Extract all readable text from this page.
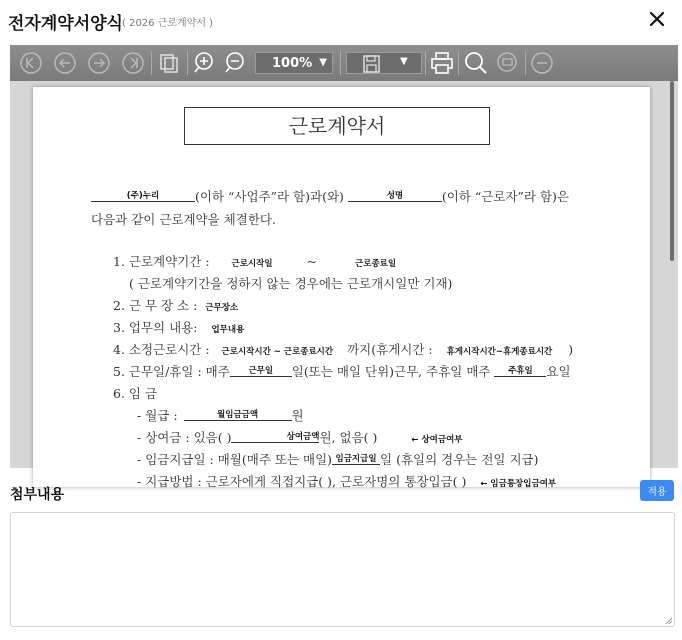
전자계약서양식 ( 2026 근로계약서 )
100% ▼	▼
근로계약서
(주)누리	(이하 “사업주”라 함)과(와)	성명	(이하 “근로자”라 함)은
다음과 같이 근로계약을 체결한다.
1. 근로계약기간 :	근로시작일	~	근로종료일
( 근로계약기간을 정하지 않는 경우에는 근로개시일만 기재)
2. 근 무 장 소 : 근무장소
3. 업무의 내용: 업무내용
4. 소정근로시간 : 근로시작시간 ~ 근로종료시간 까지(휴게시간 : 휴게시작시간~휴게종료시간 )
5. 근무일/휴일 : 매주 근무일 일(또는 매일 단위)근무, 주휴일 매주 주휴일 요일
6. 임 금
- 월급 :	월임금금액	원
- 상여금 : 있음( )	상여금액원, 없음( )	← 상여금여부
- 임금지급일 : 매월(매주 또는 매일) 임금지급일 일 (휴일의 경우는 전일 지급)
- 지급방법 : 근로자에게 직접지급( ), 근로자명의 통장입금( ) ← 임금통장입금여부
첨부내용	적용
